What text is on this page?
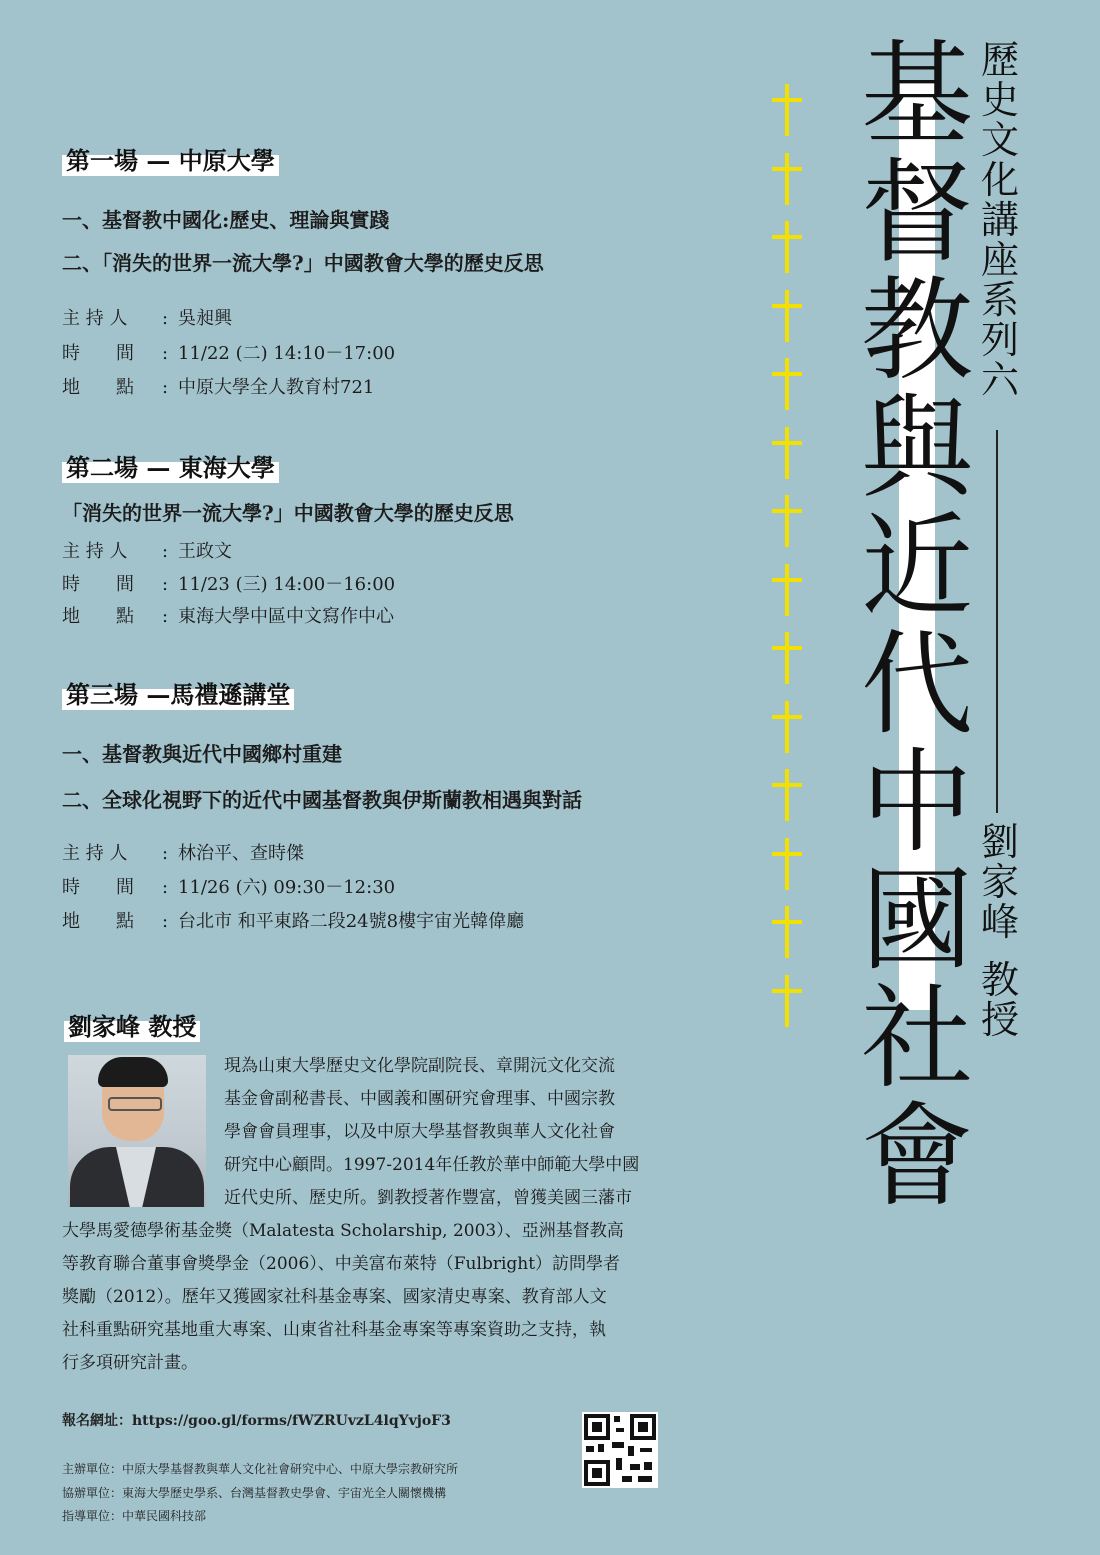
第一場 — 中原大學
一、基督教中國化:歷史、理論與實踐
二、「消失的世界一流大學?」中國教會大學的歷史反思
主 持 人 : 吳昶興
時　　間 : 11/22 (二) 14:10－17:00
地　　點 : 中原大學全人教育村721
第二場 — 東海大學
「消失的世界一流大學?」中國教會大學的歷史反思
主 持 人 : 王政文
時　　間 : 11/23 (三) 14:00－16:00
地　　點 : 東海大學中區中文寫作中心
第三場 —馬禮遜講堂
一、基督教與近代中國鄉村重建
二、全球化視野下的近代中國基督教與伊斯蘭教相遇與對話
主 持 人 : 林治平、查時傑
時　　間 : 11/26 (六) 09:30－12:30
地　　點 : 台北市 和平東路二段24號8樓宇宙光韓偉廳
基
督
教
與
近
代
中
國
社
會
歷
史
文
化
講
座
系
列
六
劉
家
峰
教
授
劉家峰 教授
現為山東大學歷史文化學院副院長、章開沅文化交流
基金會副秘書長、中國義和團研究會理事、中國宗教
學會會員理事，以及中原大學基督教與華人文化社會
研究中心顧問。1997-2014年任教於華中師範大學中國
近代史所、歷史所。劉教授著作豐富，曾獲美國三藩市
大學馬愛德學術基金獎（Malatesta Scholarship, 2003）、亞洲基督教高
等教育聯合董事會獎學金（2006）、中美富布萊特（Fulbright）訪問學者
獎勵（2012）。歷年又獲國家社科基金專案、國家清史專案、教育部人文
社科重點研究基地重大專案、山東省社科基金專案等專案資助之支持，執
行多項研究計畫。
報名網址：https://goo.gl/forms/fWZRUvzL4lqYvjoF3
主辦單位：中原大學基督教與華人文化社會研究中心、中原大學宗教研究所
協辦單位：東海大學歷史學系、台灣基督教史學會、宇宙光全人關懷機構
指導單位：中華民國科技部
